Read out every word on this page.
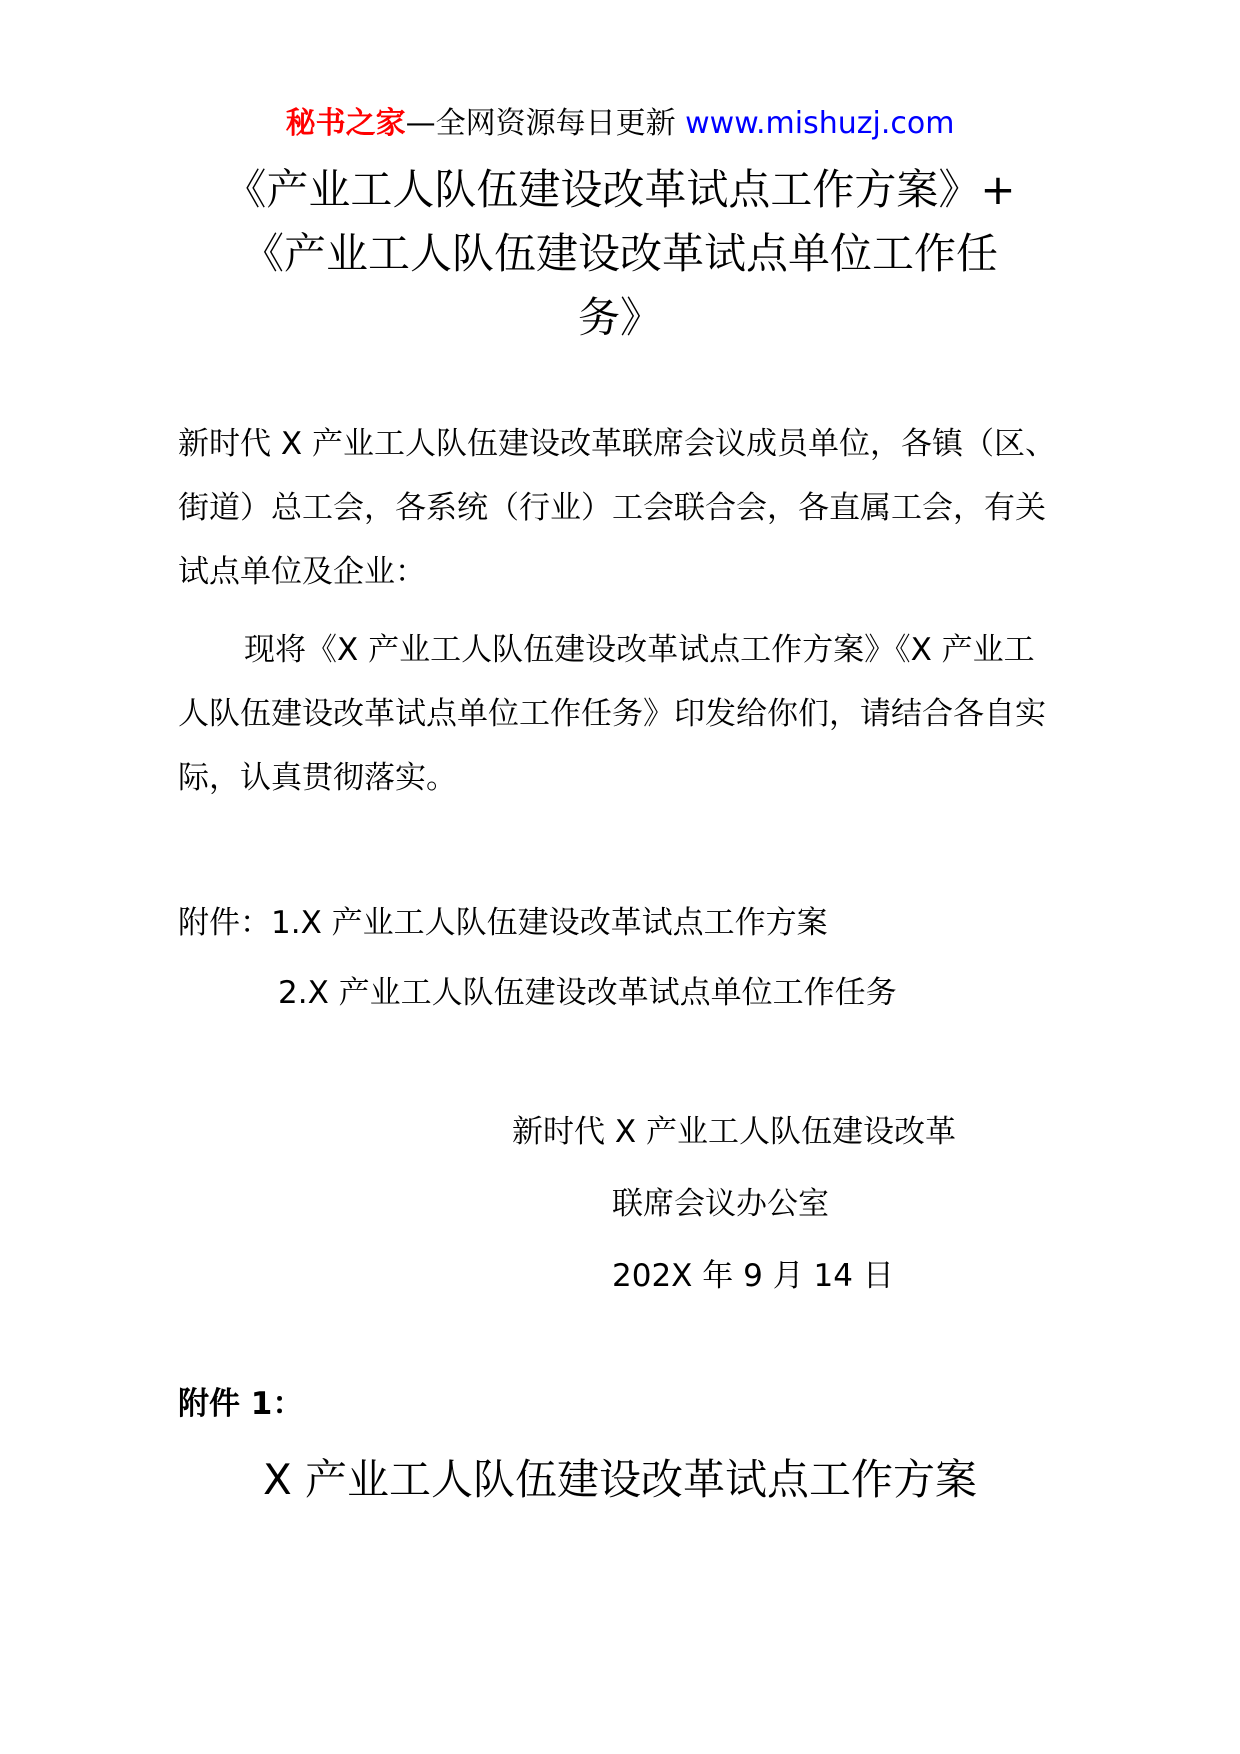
秘书之家—全网资源每日更新 www.mishuzj.com
《产业工人队伍建设改革试点工作方案》+
《产业工人队伍建设改革试点单位工作任
务》
新时代 X 产业工人队伍建设改革联席会议成员单位，各镇（区、街道）总工会，各系统（行业）工会联合会，各直属工会，有关试点单位及企业：
现将《X 产业工人队伍建设改革试点工作方案》《X 产业工人队伍建设改革试点单位工作任务》印发给你们，请结合各自实际，认真贯彻落实。
附件：1.X 产业工人队伍建设改革试点工作方案
2.X 产业工人队伍建设改革试点单位工作任务
新时代 X 产业工人队伍建设改革
联席会议办公室
202X 年 9 月 14 日
附件 1：
X 产业工人队伍建设改革试点工作方案
